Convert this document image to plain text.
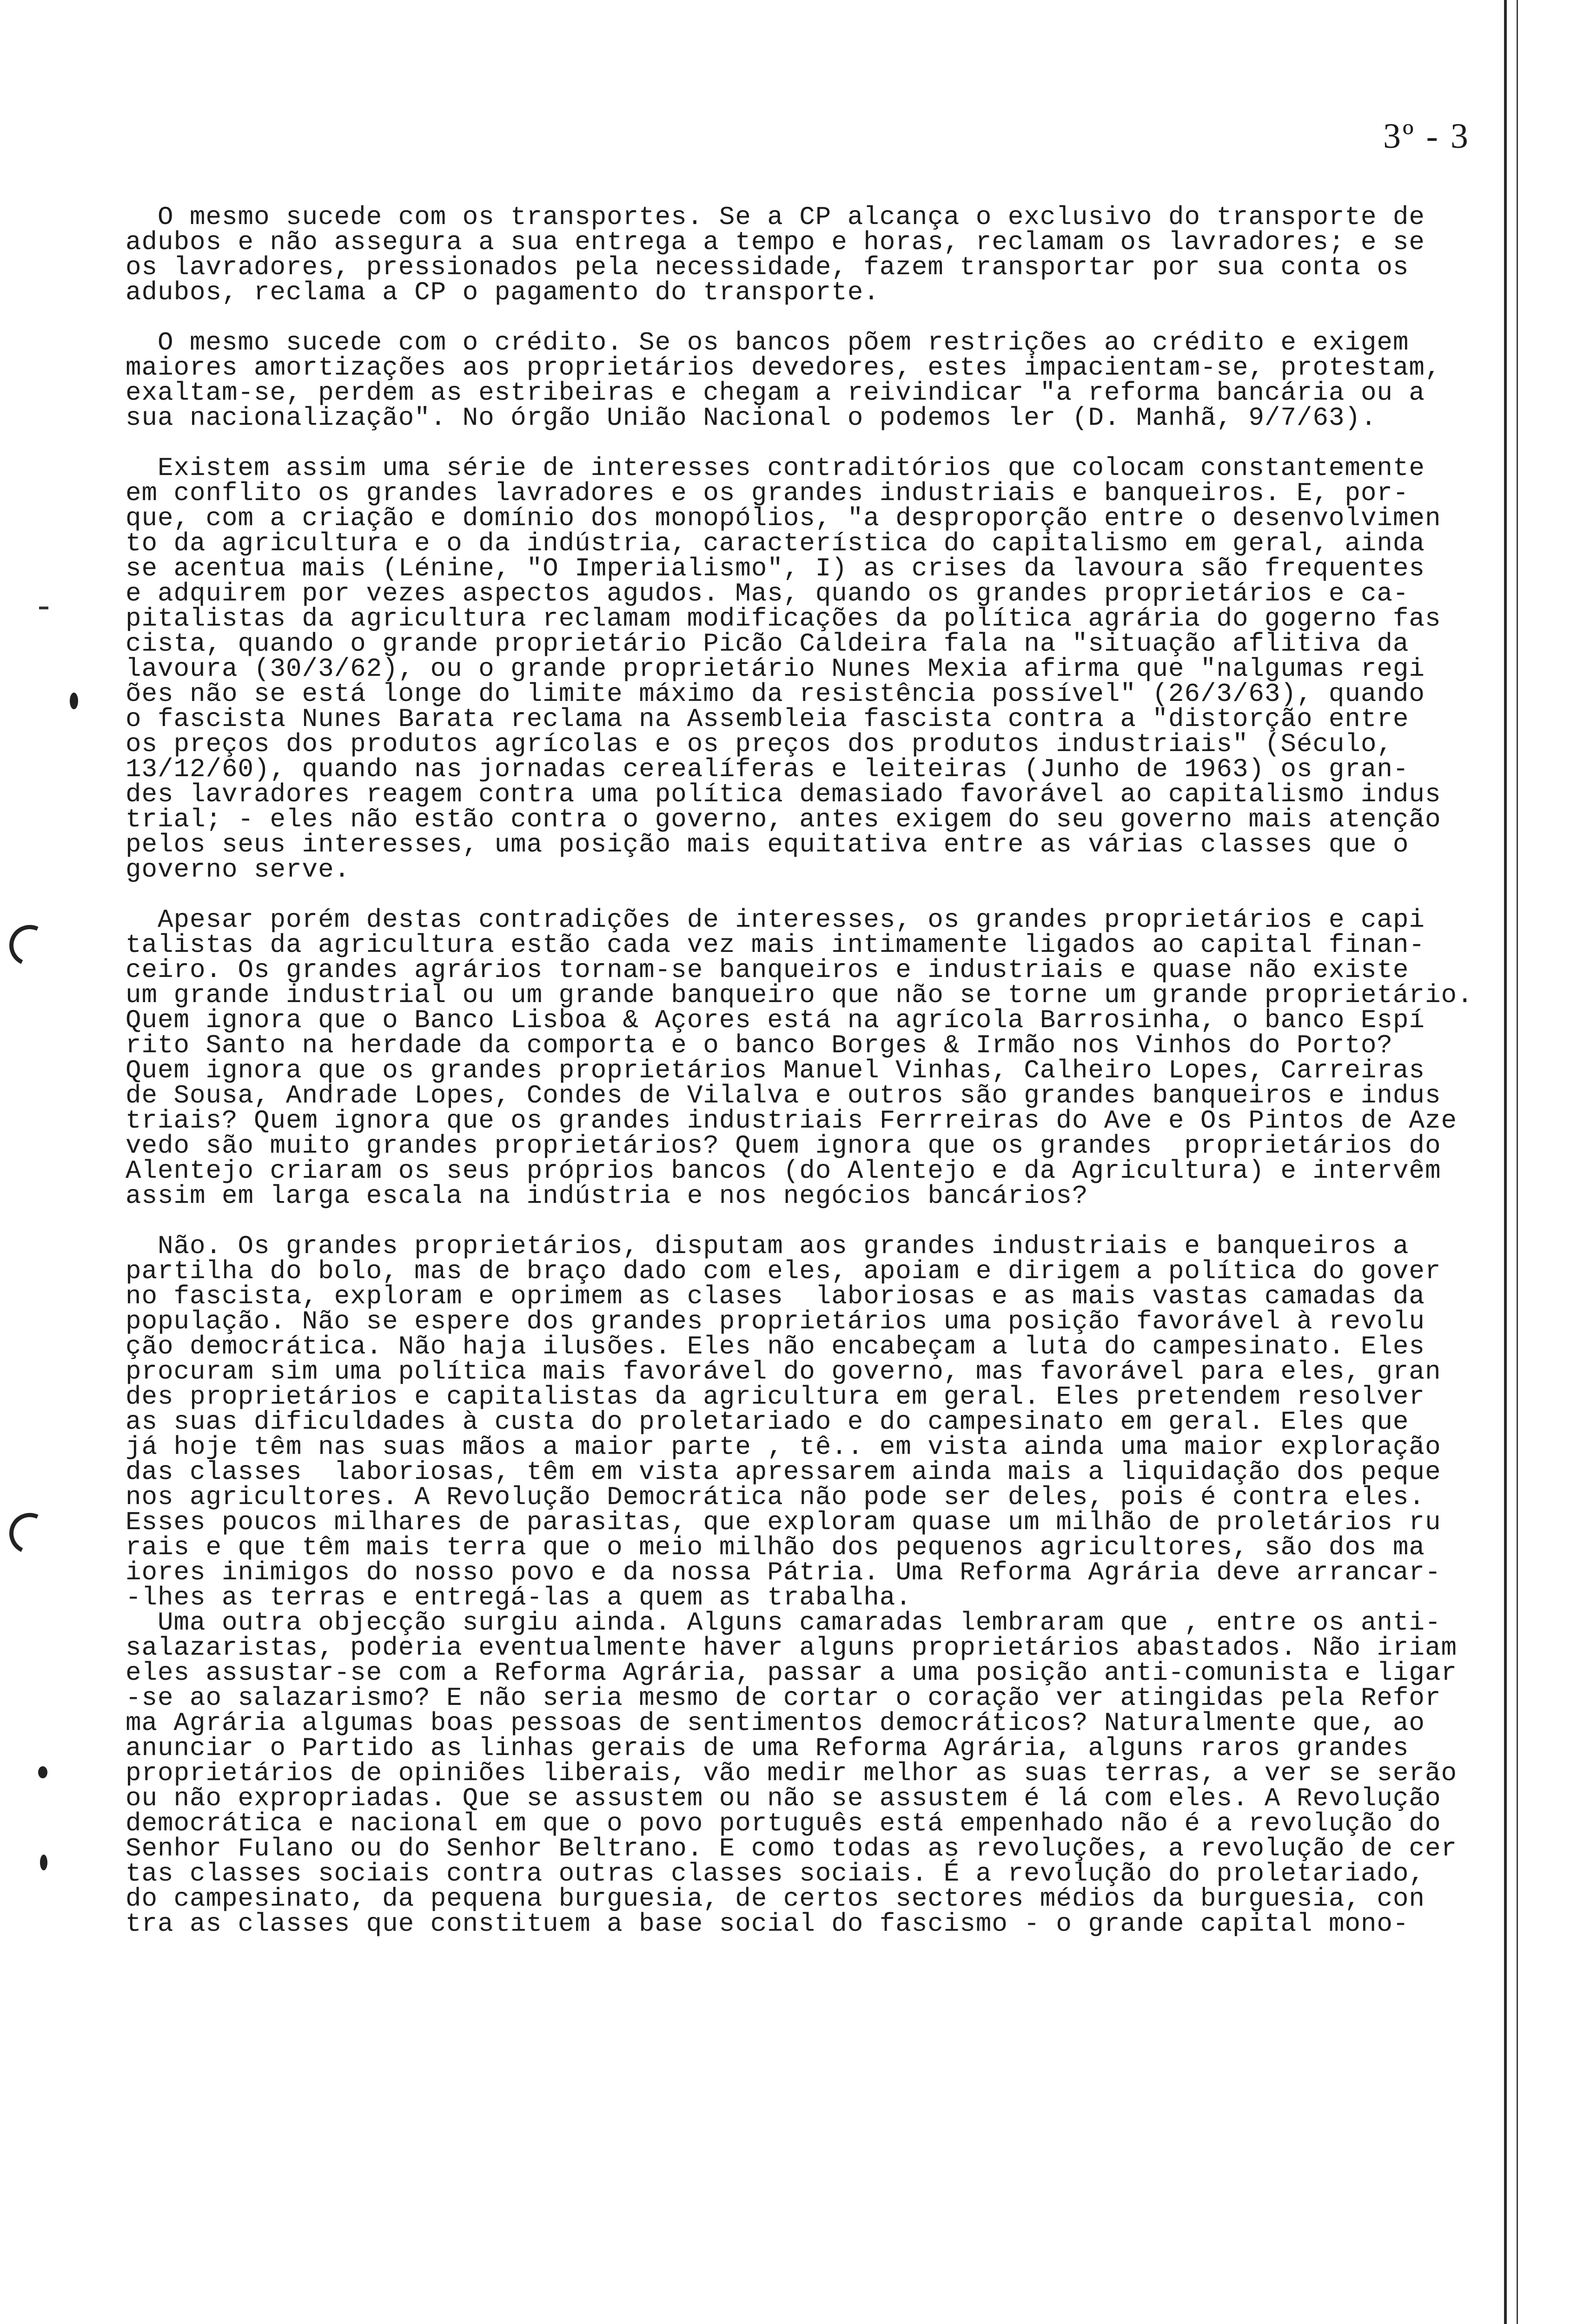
3º - 3

O mesmo sucede com os transportes. Se a CP alcança o exclusivo do transporte de

adubos e não assegura a sua entrega a tempo e horas, reclamam os lavradores; e se

os lavradores, pressionados pela necessidade, fazem transportar por sua conta os

adubos, reclama a CP o pagamento do transporte.

O mesmo sucede com o crédito. Se os bancos põem restrições ao crédito e exigem

maiores amortizações aos proprietários devedores, estes impacientam-se, protestam,

exaltam-se, perdem as estribeiras e chegam a reivindicar "a reforma bancária ou a

sua nacionalização". No órgão União Nacional o podemos ler (D. Manhã, 9/7/63).

Existem assim uma série de interesses contraditórios que colocam constantemente

em conflito os grandes lavradores e os grandes industriais e banqueiros. E, por-

que, com a criação e domínio dos monopólios, "a desproporção entre o desenvolvimen

to da agricultura e o da indústria, característica do capitalismo em geral, ainda

se acentua mais (Lénine, "O Imperialismo", I) as crises da lavoura são frequentes

e adquirem por vezes aspectos agudos. Mas, quando os grandes proprietários e ca-

pitalistas da agricultura reclamam modificações da política agrária do gogerno fas

cista, quando o grande proprietário Picão Caldeira fala na "situação aflitiva da

lavoura (30/3/62), ou o grande proprietário Nunes Mexia afirma que "nalgumas regi

ões não se está longe do limite máximo da resistência possível" (26/3/63), quando

o fascista Nunes Barata reclama na Assembleia fascista contra a "distorção entre

os preços dos produtos agrícolas e os preços dos produtos industriais" (Século,

13/12/60), quando nas jornadas cerealíferas e leiteiras (Junho de 1963) os gran-

des lavradores reagem contra uma política demasiado favorável ao capitalismo indus

trial; - eles não estão contra o governo, antes exigem do seu governo mais atenção

pelos seus interesses, uma posição mais equitativa entre as várias classes que o

governo serve.

Apesar porém destas contradições de interesses, os grandes proprietários e capi

talistas da agricultura estão cada vez mais intimamente ligados ao capital finan-

ceiro. Os grandes agrários tornam-se banqueiros e industriais e quase não existe

um grande industrial ou um grande banqueiro que não se torne um grande proprietário.

Quem ignora que o Banco Lisboa & Açores está na agrícola Barrosinha, o banco Espí

rito Santo na herdade da comporta e o banco Borges & Irmão nos Vinhos do Porto?

Quem ignora que os grandes proprietários Manuel Vinhas, Calheiro Lopes, Carreiras

de Sousa, Andrade Lopes, Condes de Vilalva e outros são grandes banqueiros e indus

triais? Quem ignora que os grandes industriais Ferrreiras do Ave e Os Pintos de Aze

vedo são muito grandes proprietários? Quem ignora que os grandes  proprietários do

Alentejo criaram os seus próprios bancos (do Alentejo e da Agricultura) e intervêm

assim em larga escala na indústria e nos negócios bancários?

Não. Os grandes proprietários, disputam aos grandes industriais e banqueiros a

partilha do bolo, mas de braço dado com eles, apoiam e dirigem a política do gover

no fascista, exploram e oprimem as clases  laboriosas e as mais vastas camadas da

população. Não se espere dos grandes proprietários uma posição favorável à revolu

ção democrática. Não haja ilusões. Eles não encabeçam a luta do campesinato. Eles

procuram sim uma política mais favorável do governo, mas favorável para eles, gran

des proprietários e capitalistas da agricultura em geral. Eles pretendem resolver

as suas dificuldades à custa do proletariado e do campesinato em geral. Eles que

já hoje têm nas suas mãos a maior parte , tê.. em vista ainda uma maior exploração

das classes  laboriosas, têm em vista apressarem ainda mais a liquidação dos peque

nos agricultores. A Revolução Democrática não pode ser deles, pois é contra eles.

Esses poucos milhares de parasitas, que exploram quase um milhão de proletários ru

rais e que têm mais terra que o meio milhão dos pequenos agricultores, são dos ma

iores inimigos do nosso povo e da nossa Pátria. Uma Reforma Agrária deve arrancar-

-lhes as terras e entregá-las a quem as trabalha.

Uma outra objecção surgiu ainda. Alguns camaradas lembraram que , entre os anti-

salazaristas, poderia eventualmente haver alguns proprietários abastados. Não iriam

eles assustar-se com a Reforma Agrária, passar a uma posição anti-comunista e ligar

-se ao salazarismo? E não seria mesmo de cortar o coração ver atingidas pela Refor

ma Agrária algumas boas pessoas de sentimentos democráticos? Naturalmente que, ao

anunciar o Partido as linhas gerais de uma Reforma Agrária, alguns raros grandes

proprietários de opiniões liberais, vão medir melhor as suas terras, a ver se serão

ou não expropriadas. Que se assustem ou não se assustem é lá com eles. A Revolução

democrática e nacional em que o povo português está empenhado não é a revolução do

Senhor Fulano ou do Senhor Beltrano. E como todas as revoluções, a revolução de cer

tas classes sociais contra outras classes sociais. É a revolução do proletariado,

do campesinato, da pequena burguesia, de certos sectores médios da burguesia, con

tra as classes que constituem a base social do fascismo - o grande capital mono-
